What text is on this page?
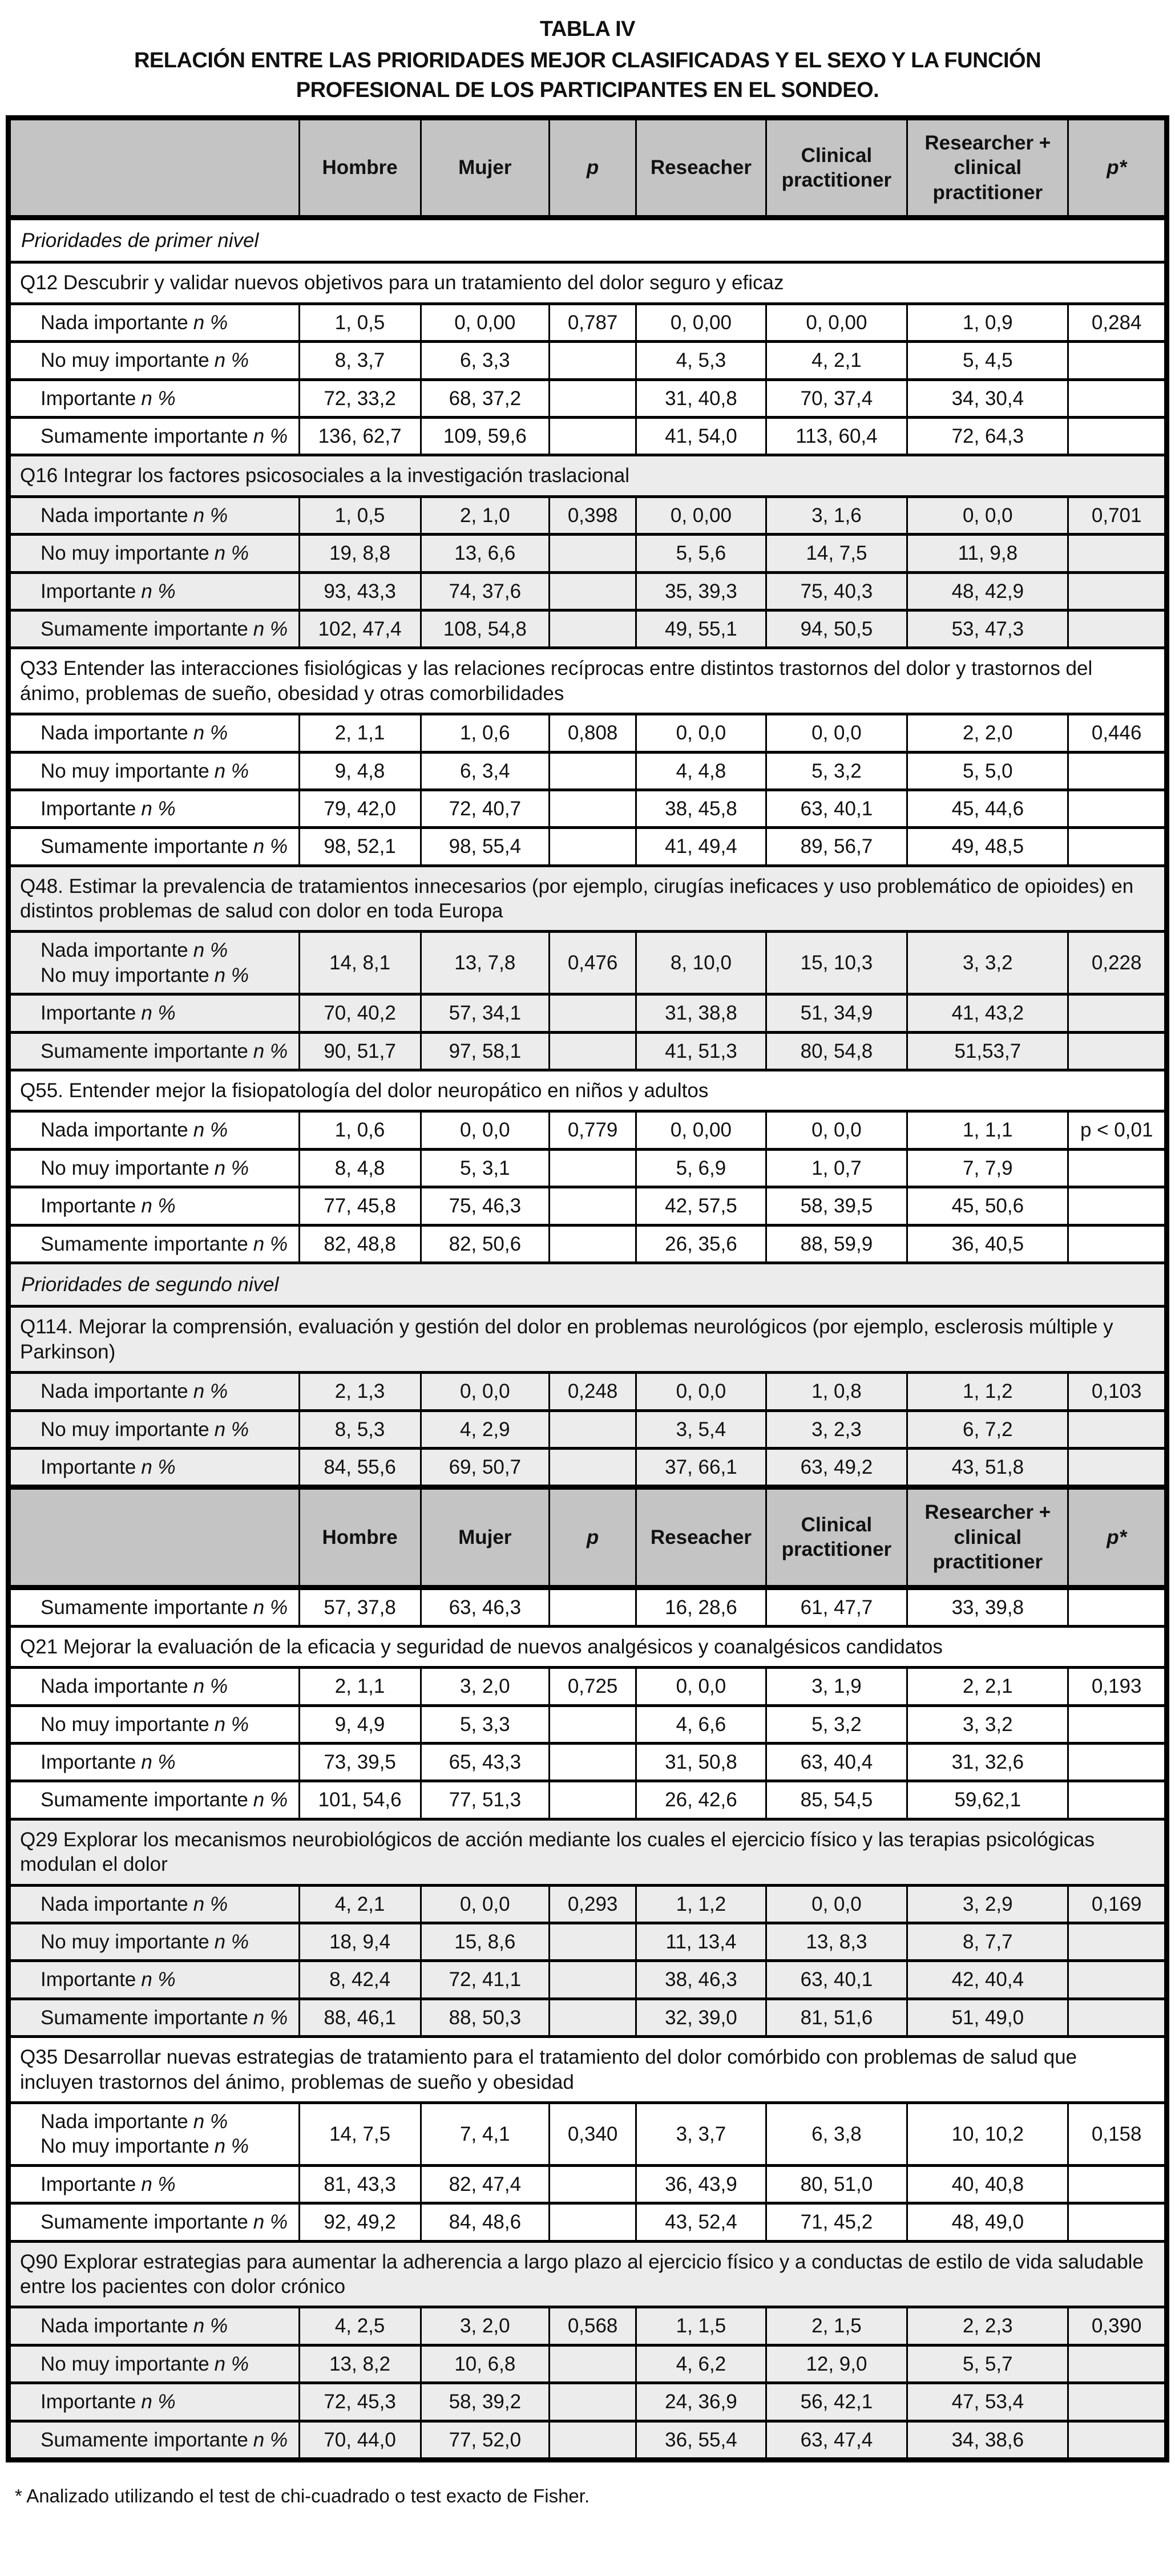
TABLA IV
RELACIÓN ENTRE LAS PRIORIDADES MEJOR CLASIFICADAS Y EL SEXO Y LA FUNCIÓN PROFESIONAL DE LOS PARTICIPANTES EN EL SONDEO.
	Hombre	Mujer	p	Reseacher	Clinical practitioner	Researcher + clinical practitioner	p*
Prioridades de primer nivel							
Q12 Descubrir y validar nuevos objetivos para un tratamiento del dolor seguro y eficaz							

Nada importante n %	1, 0,5	0, 0,00	0,787	0, 0,00	0, 0,00	1, 0,9	0,284

No muy importante n %	8, 3,7	6, 3,3		4, 5,3	4, 2,1	5, 4,5	

Importante n %	72, 33,2	68, 37,2		31, 40,8	70, 37,4	34, 30,4	

Sumamente importante n %	136, 62,7	109, 59,6		41, 54,0	113, 60,4	72, 64,3	
Q16 Integrar los factores psicosociales a la investigación traslacional							

Nada importante n %	1, 0,5	2, 1,0	0,398	0, 0,00	3, 1,6	0, 0,0	0,701

No muy importante n %	19, 8,8	13, 6,6		5, 5,6	14, 7,5	11, 9,8	

Importante n %	93, 43,3	74, 37,6		35, 39,3	75, 40,3	48, 42,9	

Sumamente importante n %	102, 47,4	108, 54,8		49, 55,1	94, 50,5	53, 47,3	
Q33 Entender las interacciones fisiológicas y las relaciones recíprocas entre distintos trastornos del dolor y trastornos del ánimo, problemas de sueño, obesidad y otras comorbilidades							

Nada importante n %	2, 1,1	1, 0,6	0,808	0, 0,0	0, 0,0	2, 2,0	0,446

No muy importante n %	9, 4,8	6, 3,4		4, 4,8	5, 3,2	5, 5,0	

Importante n %	79, 42,0	72, 40,7		38, 45,8	63, 40,1	45, 44,6	

Sumamente importante n %	98, 52,1	98, 55,4		41, 49,4	89, 56,7	49, 48,5	
Q48. Estimar la prevalencia de tratamientos innecesarios (por ejemplo, cirugías ineficaces y uso problemático de opioides) en distintos problemas de salud con dolor en toda Europa							

Nada importante n %
No muy importante n %	14, 8,1	13, 7,8	0,476	8, 10,0	15, 10,3	3, 3,2	0,228

Importante n %	70, 40,2	57, 34,1		31, 38,8	51, 34,9	41, 43,2	

Sumamente importante n %	90, 51,7	97, 58,1		41, 51,3	80, 54,8	51,53,7	
Q55. Entender mejor la fisiopatología del dolor neuropático en niños y adultos							

Nada importante n %	1, 0,6	0, 0,0	0,779	0, 0,00	0, 0,0	1, 1,1	p < 0,01

No muy importante n %	8, 4,8	5, 3,1		5, 6,9	1, 0,7	7, 7,9	

Importante n %	77, 45,8	75, 46,3		42, 57,5	58, 39,5	45, 50,6	

Sumamente importante n %	82, 48,8	82, 50,6		26, 35,6	88, 59,9	36, 40,5	
Prioridades de segundo nivel							
Q114. Mejorar la comprensión, evaluación y gestión del dolor en problemas neurológicos (por ejemplo, esclerosis múltiple y Parkinson)							

Nada importante n %	2, 1,3	0, 0,0	0,248	0, 0,0	1, 0,8	1, 1,2	0,103

No muy importante n %	8, 5,3	4, 2,9		3, 5,4	3, 2,3	6, 7,2	

Importante n %	84, 55,6	69, 50,7		37, 66,1	63, 49,2	43, 51,8	
	Hombre	Mujer	p	Reseacher	Clinical practitioner	Researcher + clinical practitioner	p*

Sumamente importante n %	57, 37,8	63, 46,3		16, 28,6	61, 47,7	33, 39,8	
Q21 Mejorar la evaluación de la eficacia y seguridad de nuevos analgésicos y coanalgésicos candidatos							

Nada importante n %	2, 1,1	3, 2,0	0,725	0, 0,0	3, 1,9	2, 2,1	0,193

No muy importante n %	9, 4,9	5, 3,3		4, 6,6	5, 3,2	3, 3,2	

Importante n %	73, 39,5	65, 43,3		31, 50,8	63, 40,4	31, 32,6	

Sumamente importante n %	101, 54,6	77, 51,3		26, 42,6	85, 54,5	59,62,1	
Q29 Explorar los mecanismos neurobiológicos de acción mediante los cuales el ejercicio físico y las terapias psicológicas modulan el dolor							

Nada importante n %	4, 2,1	0, 0,0	0,293	1, 1,2	0, 0,0	3, 2,9	0,169

No muy importante n %	18, 9,4	15, 8,6		11, 13,4	13, 8,3	8, 7,7	

Importante n %	8, 42,4	72, 41,1		38, 46,3	63, 40,1	42, 40,4	

Sumamente importante n %	88, 46,1	88, 50,3		32, 39,0	81, 51,6	51, 49,0	
Q35 Desarrollar nuevas estrategias de tratamiento para el tratamiento del dolor comórbido con problemas de salud que incluyen trastornos del ánimo, problemas de sueño y obesidad							

Nada importante n %
No muy importante n %	14, 7,5	7, 4,1	0,340	3, 3,7	6, 3,8	10, 10,2	0,158

Importante n %	81, 43,3	82, 47,4		36, 43,9	80, 51,0	40, 40,8	

Sumamente importante n %	92, 49,2	84, 48,6		43, 52,4	71, 45,2	48, 49,0	
Q90 Explorar estrategias para aumentar la adherencia a largo plazo al ejercicio físico y a conductas de estilo de vida saludable entre los pacientes con dolor crónico							

Nada importante n %	4, 2,5	3, 2,0	0,568	1, 1,5	2, 1,5	2, 2,3	0,390

No muy importante n %	13, 8,2	10, 6,8		4, 6,2	12, 9,0	5, 5,7	

Importante n %	72, 45,3	58, 39,2		24, 36,9	56, 42,1	47, 53,4	

Sumamente importante n %	70, 44,0	77, 52,0		36, 55,4	63, 47,4	34, 38,6	
* Analizado utilizando el test de chi-cuadrado o test exacto de Fisher.
